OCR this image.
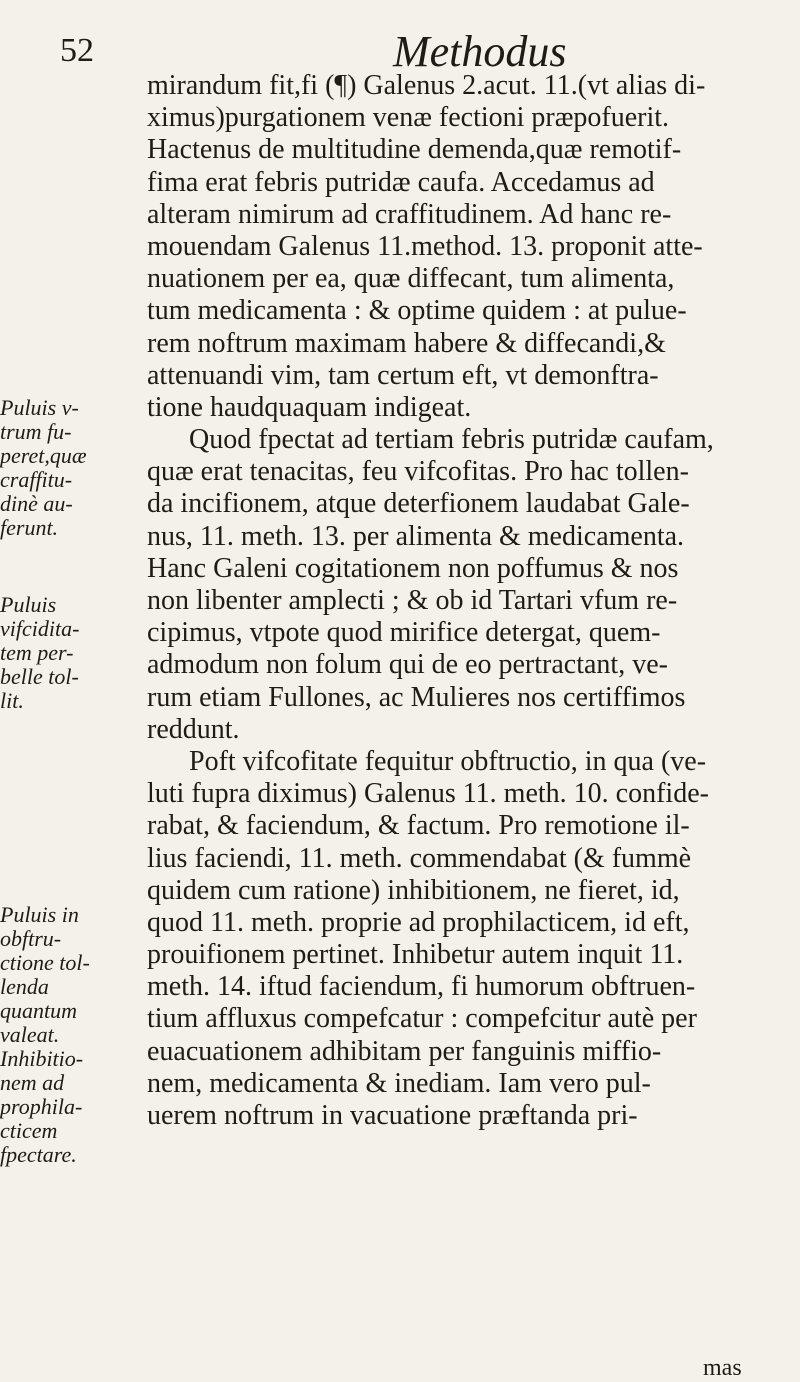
52	Methodus
Puluis v-
trum fu-
peret,quæ
craffitu-
dinè au-
ferunt.
Puluis
vifcidita-
tem per-
belle tol-
lit.
Puluis in
obftru-
ctione tol-
lenda
quantum
valeat.
Inhibitio-
nem ad
prophila-
cticem
fpectare.
mirandum fit,fi (¶) Galenus 2.acut. 11.(vt alias di-
ximus)purgationem venæ fectioni præpofuerit.
Hactenus de multitudine demenda,quæ remotif-
fima erat febris putridæ caufa. Accedamus ad
alteram nimirum ad craffitudinem. Ad hanc re-
mouendam Galenus 11.method. 13. proponit atte-
nuationem per ea, quæ diffecant, tum alimenta,
tum medicamenta : & optime quidem : at pulue-
rem noftrum maximam habere & diffecandi,&
attenuandi vim, tam certum eft, vt demonftra-
tione haudquaquam indigeat.
Quod fpectat ad tertiam febris putridæ caufam,
quæ erat tenacitas, feu vifcofitas. Pro hac tollen-
da incifionem, atque deterfionem laudabat Gale-
nus, 11. meth. 13. per alimenta & medicamenta.
Hanc Galeni cogitationem non poffumus & nos
non libenter amplecti ; & ob id Tartari vfum re-
cipimus, vtpote quod mirifice detergat, quem-
admodum non folum qui de eo pertractant, ve-
rum etiam Fullones, ac Mulieres nos certiffimos
reddunt.
Poft vifcofitate fequitur obftructio, in qua (ve-
luti fupra diximus) Galenus 11. meth. 10. confide-
rabat, & faciendum, & factum. Pro remotione il-
lius faciendi, 11. meth. commendabat (& fummè
quidem cum ratione) inhibitionem, ne fieret, id,
quod 11. meth. proprie ad prophilacticem, id eft,
prouifionem pertinet. Inhibetur autem inquit 11.
meth. 14. iftud faciendum, fi humorum obftruen-
tium affluxus compefcatur : compefcitur autè per
euacuationem adhibitam per fanguinis miffio-
nem, medicamenta & inediam. Iam vero pul-
uerem noftrum in vacuatione præftanda pri-
mas
